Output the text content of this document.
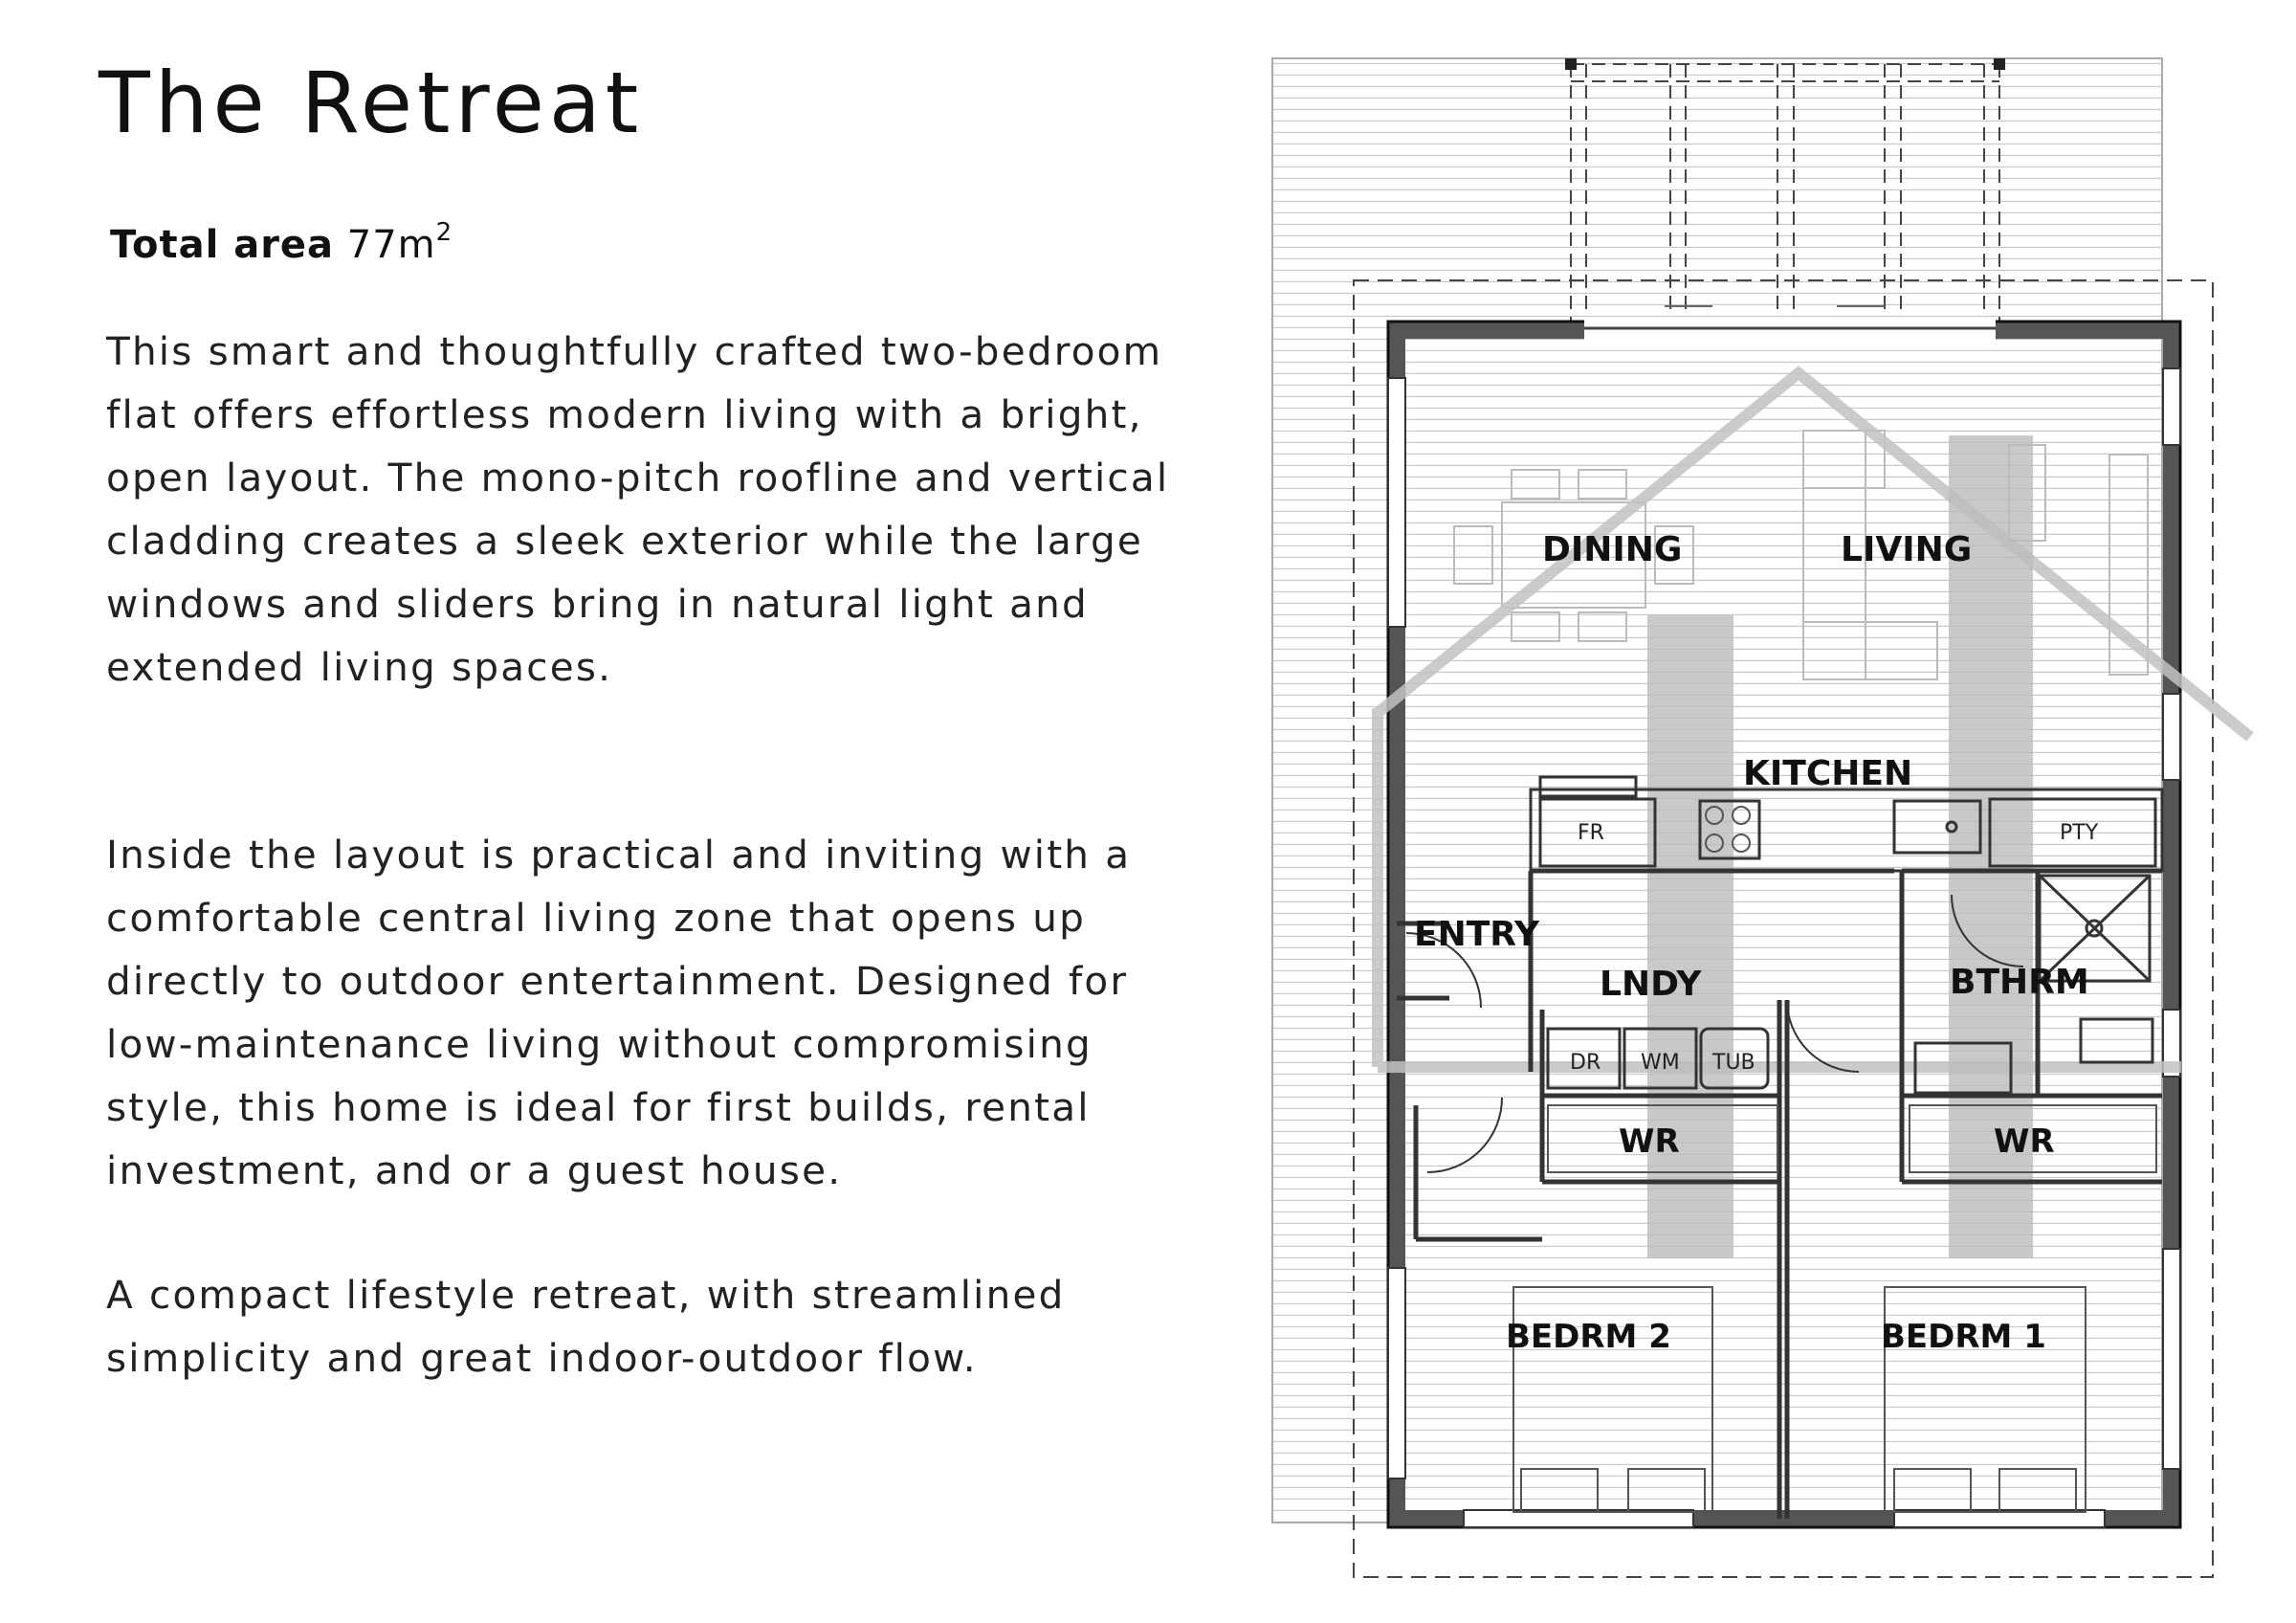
The Retreat
Total area $77m^2$

This smart and thoughtfully crafted two-bedroom flat offers effortless modern living with a bright, open layout. The mono-pitch roofline and vertical cladding creates a sleek exterior while the large windows and sliders bring in natural light and extended living spaces.

Inside the layout is practical and inviting with a comfortable central living zone that opens up directly to outdoor entertainment. Designed for low-maintenance living without compromising style, this home is ideal for first builds, rental investment, and or a guest house.

A compact lifestyle retreat, with streamlined simplicity and great indoor-outdoor flow.

DINING	LIVING
KITCHEN
ENTRY
LNDY	BTHRM
WR	WR
BEDRM 2	BEDRM 1
FR	PTY
DR WM TUB
